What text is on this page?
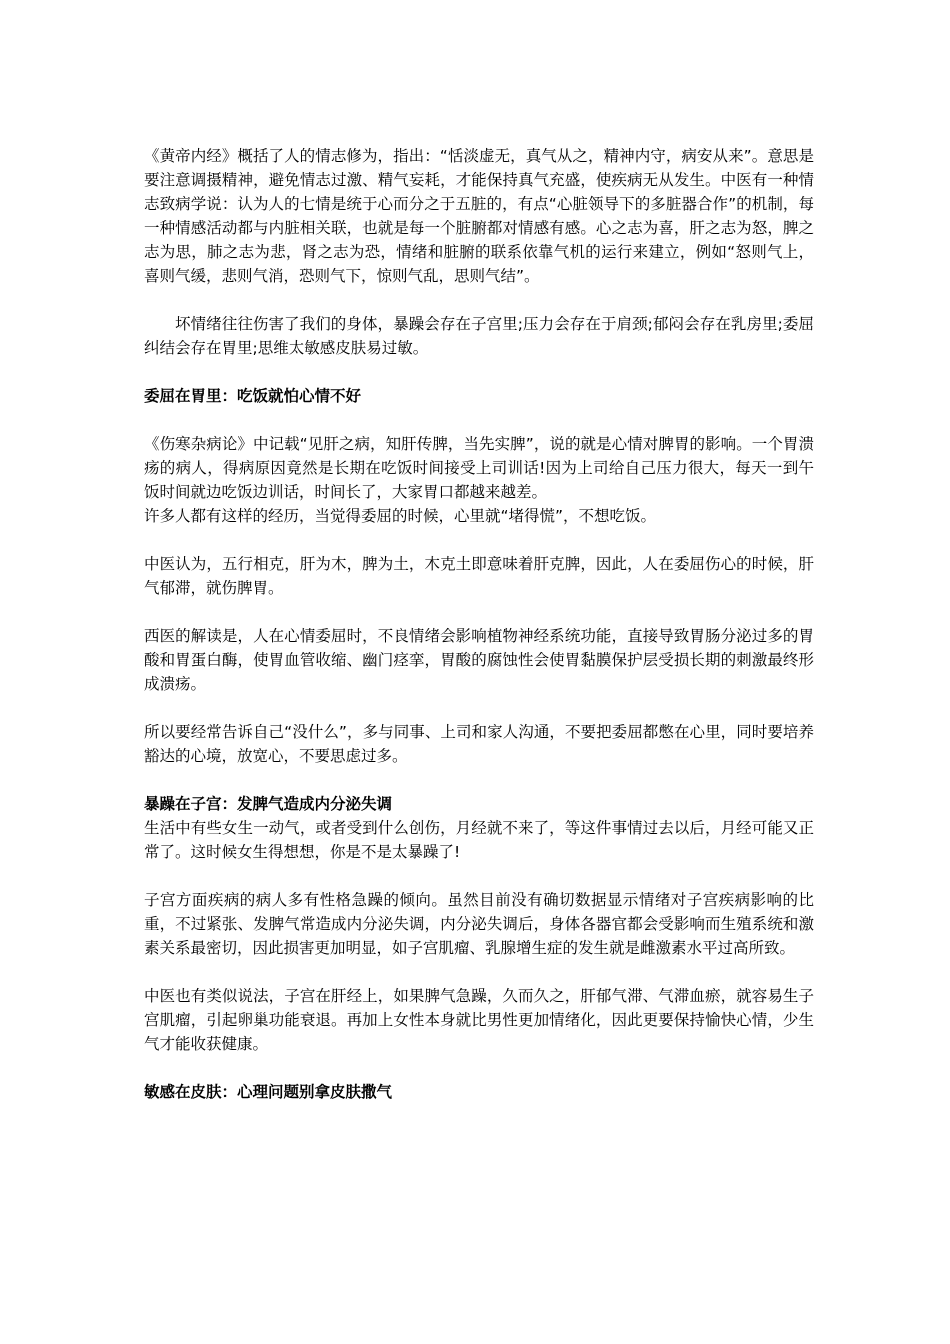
《黄帝内经》概括了人的情志修为，指出：“恬淡虚无，真气从之，精神内守，病安从来”。意思是要注意调摄精神，避免情志过激、精气妄耗，才能保持真气充盛，使疾病无从发生。中医有一种情志致病学说：认为人的七情是统于心而分之于五脏的，有点“心脏领导下的多脏器合作”的机制，每一种情感活动都与内脏相关联，也就是每一个脏腑都对情感有感。心之志为喜，肝之志为怒，脾之志为思，肺之志为悲，肾之志为恐，情绪和脏腑的联系依靠气机的运行来建立，例如“怒则气上，喜则气缓，悲则气消，恐则气下，惊则气乱，思则气结”。

坏情绪往往伤害了我们的身体，暴躁会存在子宫里;压力会存在于肩颈;郁闷会存在乳房里;委屈纠结会存在胃里;思维太敏感皮肤易过敏。

委屈在胃里：吃饭就怕心情不好

《伤寒杂病论》中记载“见肝之病，知肝传脾，当先实脾”，说的就是心情对脾胃的影响。一个胃溃疡的病人，得病原因竟然是长期在吃饭时间接受上司训话!因为上司给自己压力很大，每天一到午饭时间就边吃饭边训话，时间长了，大家胃口都越来越差。

许多人都有这样的经历，当觉得委屈的时候，心里就“堵得慌”，不想吃饭。

中医认为，五行相克，肝为木，脾为土，木克土即意味着肝克脾，因此，人在委屈伤心的时候，肝气郁滞，就伤脾胃。

西医的解读是，人在心情委屈时，不良情绪会影响植物神经系统功能，直接导致胃肠分泌过多的胃酸和胃蛋白酶，使胃血管收缩、幽门痉挛，胃酸的腐蚀性会使胃黏膜保护层受损长期的刺激最终形成溃疡。

所以要经常告诉自己“没什么”，多与同事、上司和家人沟通，不要把委屈都憋在心里，同时要培养豁达的心境，放宽心，不要思虑过多。

暴躁在子宫：发脾气造成内分泌失调

生活中有些女生一动气，或者受到什么创伤，月经就不来了，等这件事情过去以后，月经可能又正常了。这时候女生得想想，你是不是太暴躁了!

子宫方面疾病的病人多有性格急躁的倾向。虽然目前没有确切数据显示情绪对子宫疾病影响的比重，不过紧张、发脾气常造成内分泌失调，内分泌失调后，身体各器官都会受影响而生殖系统和激素关系最密切，因此损害更加明显，如子宫肌瘤、乳腺增生症的发生就是雌激素水平过高所致。

中医也有类似说法，子宫在肝经上，如果脾气急躁，久而久之，肝郁气滞、气滞血瘀，就容易生子宫肌瘤，引起卵巢功能衰退。再加上女性本身就比男性更加情绪化，因此更要保持愉快心情，少生气才能收获健康。

敏感在皮肤：心理问题别拿皮肤撒气
